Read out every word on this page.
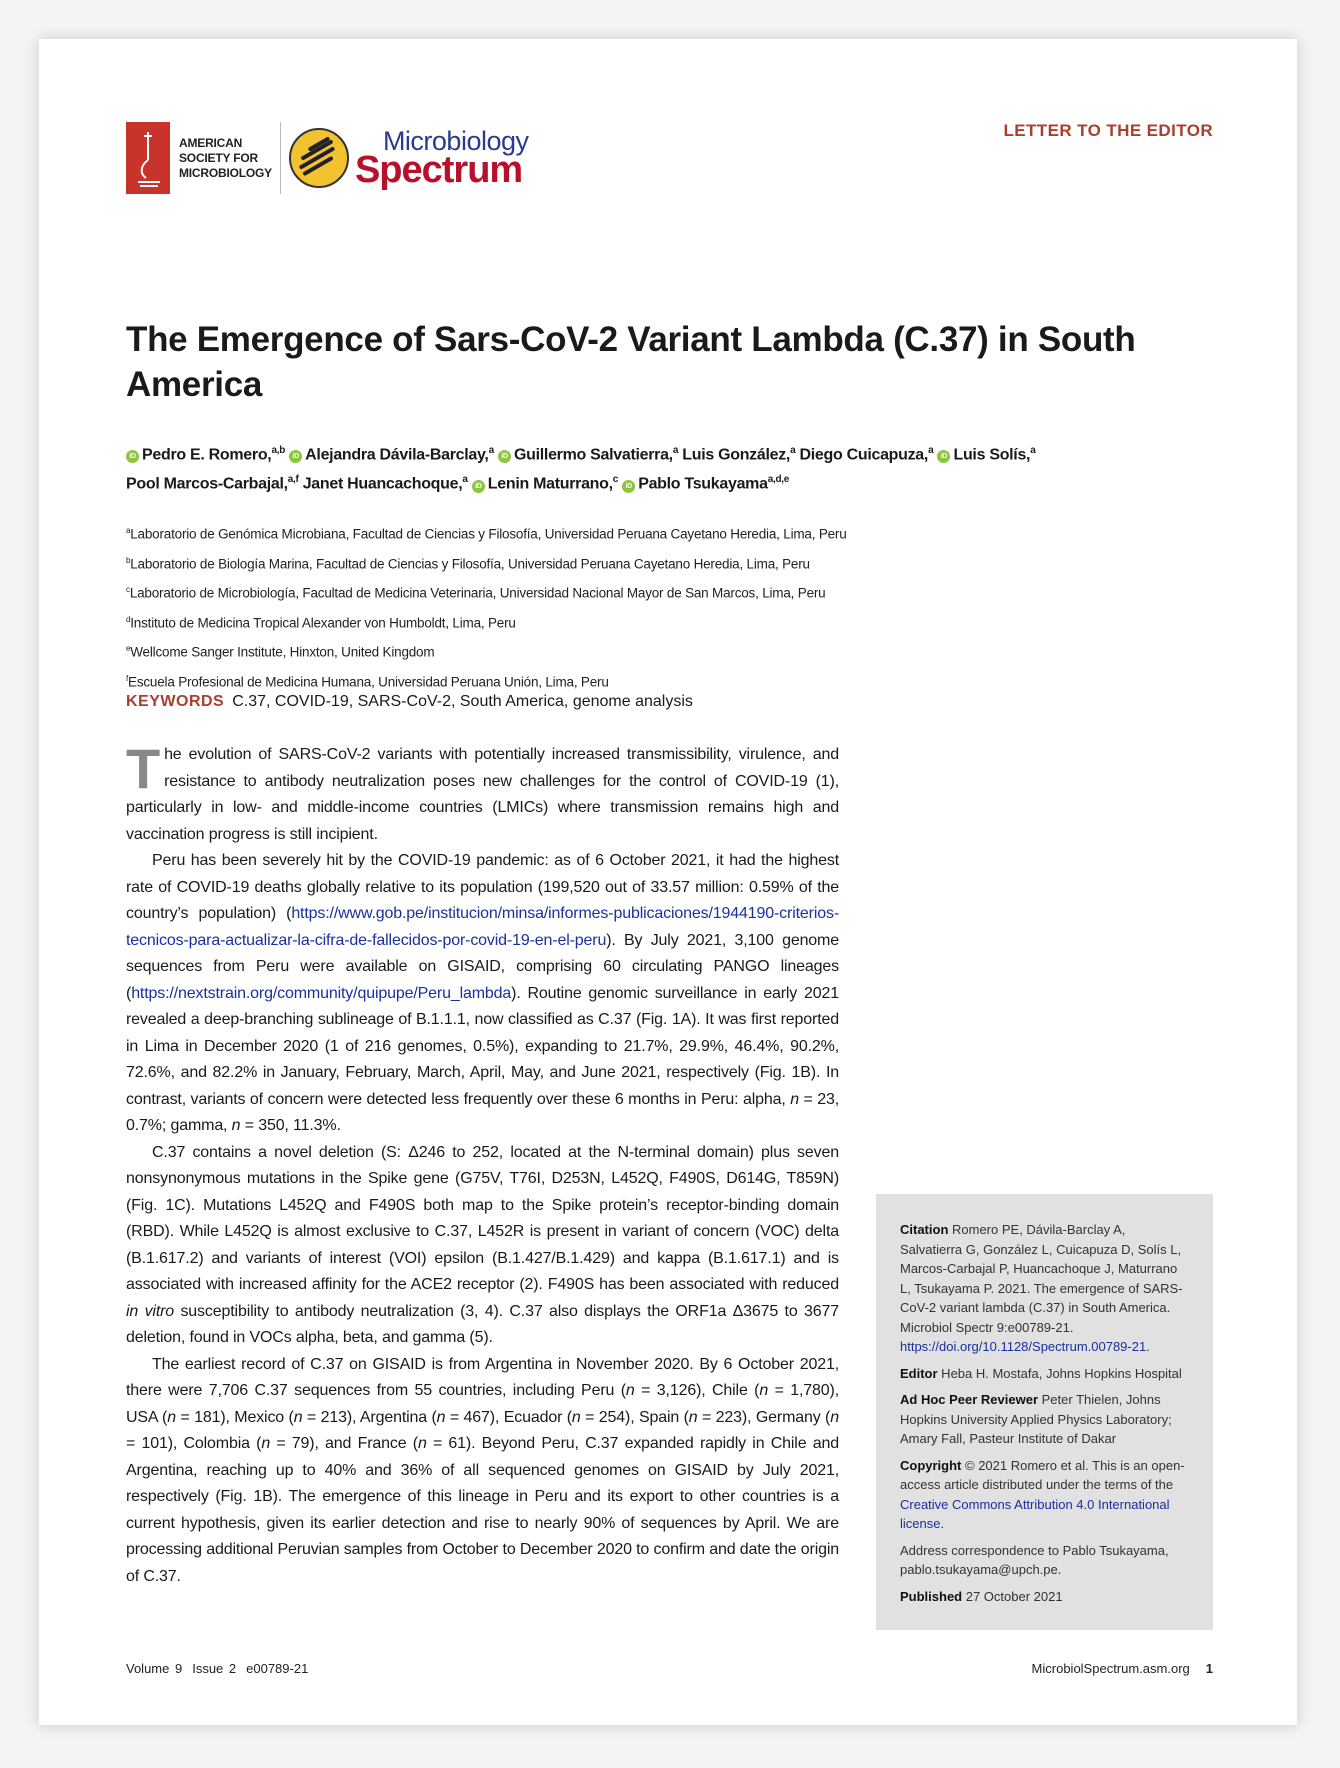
AMERICAN
SOCIETY FOR
MICROBIOLOGY
Microbiology
Spectrum
LETTER TO THE EDITOR
The Emergence of Sars-CoV-2 Variant Lambda (C.37) in South America
iD Pedro E. Romero,$^{a,b}$ iD Alejandra Dávila-Barclay,$^a$ iD Guillermo Salvatierra,$^a$ Luis González,$^a$ Diego Cuicapuza,$^a$ iD Luis Solís,$^a$
Pool Marcos-Carbajal,$^{a,f}$ Janet Huancachoque,$^a$ iD Lenin Maturrano,$^c$ iD Pablo Tsukayama$^{a,d,e}$
$^a$Laboratorio de Genómica Microbiana, Facultad de Ciencias y Filosofía, Universidad Peruana Cayetano Heredia, Lima, Peru
$^b$Laboratorio de Biología Marina, Facultad de Ciencias y Filosofía, Universidad Peruana Cayetano Heredia, Lima, Peru
$^c$Laboratorio de Microbiología, Facultad de Medicina Veterinaria, Universidad Nacional Mayor de San Marcos, Lima, Peru
$^d$Instituto de Medicina Tropical Alexander von Humboldt, Lima, Peru
$^e$Wellcome Sanger Institute, Hinxton, United Kingdom
$^f$Escuela Profesional de Medicina Humana, Universidad Peruana Unión, Lima, Peru
KEYWORDS C.37, COVID-19, SARS-CoV-2, South America, genome analysis

The evolution of SARS-CoV-2 variants with potentially increased transmissibility, virulence, and resistance to antibody neutralization poses new challenges for the control of COVID-19 (1), particularly in low- and middle-income countries (LMICs) where transmission remains high and vaccination progress is still incipient.

Peru has been severely hit by the COVID-19 pandemic: as of 6 October 2021, it had the highest rate of COVID-19 deaths globally relative to its population (199,520 out of 33.57 million: 0.59% of the country’s population) (https://www.gob.pe/institucion/minsa/informes-publicaciones/1944190-criterios-tecnicos-para-actualizar-la-cifra-de-fallecidos-por-covid-19-en-el-peru). By July 2021, 3,100 genome sequences from Peru were available on GISAID, comprising 60 circulating PANGO lineages (https://nextstrain.org/community/quipupe/Peru_lambda). Routine genomic surveillance in early 2021 revealed a deep-branching sublineage of B.1.1.1, now classified as C.37 (Fig. 1A). It was first reported in Lima in December 2020 (1 of 216 genomes, 0.5%), expanding to 21.7%, 29.9%, 46.4%, 90.2%, 72.6%, and 82.2% in January, February, March, April, May, and June 2021, respectively (Fig. 1B). In contrast, variants of concern were detected less frequently over these 6 months in Peru: alpha, n = 23, 0.7%; gamma, n = 350, 11.3%.

C.37 contains a novel deletion (S: Δ246 to 252, located at the N-terminal domain) plus seven nonsynonymous mutations in the Spike gene (G75V, T76I, D253N, L452Q, F490S, D614G, T859N) (Fig. 1C). Mutations L452Q and F490S both map to the Spike protein’s receptor-binding domain (RBD). While L452Q is almost exclusive to C.37, L452R is present in variant of concern (VOC) delta (B.1.617.2) and variants of interest (VOI) epsilon (B.1.427/B.1.429) and kappa (B.1.617.1) and is associated with increased affinity for the ACE2 receptor (2). F490S has been associated with reduced in vitro susceptibility to antibody neutralization (3, 4). C.37 also displays the ORF1a Δ3675 to 3677 deletion, found in VOCs alpha, beta, and gamma (5).

The earliest record of C.37 on GISAID is from Argentina in November 2020. By 6 October 2021, there were 7,706 C.37 sequences from 55 countries, including Peru (n = 3,126), Chile (n = 1,780), USA (n = 181), Mexico (n = 213), Argentina (n = 467), Ecuador (n = 254), Spain (n = 223), Germany (n = 101), Colombia (n = 79), and France (n = 61). Beyond Peru, C.37 expanded rapidly in Chile and Argentina, reaching up to 40% and 36% of all sequenced genomes on GISAID by July 2021, respectively (Fig. 1B). The emergence of this lineage in Peru and its export to other countries is a current hypothesis, given its earlier detection and rise to nearly 90% of sequences by April. We are processing additional Peruvian samples from October to December 2020 to confirm and date the origin of C.37.

Citation Romero PE, Dávila-Barclay A, Salvatierra G, González L, Cuicapuza D, Solís L, Marcos-Carbajal P, Huancachoque J, Maturrano L, Tsukayama P. 2021. The emergence of SARS-CoV-2 variant lambda (C.37) in South America. Microbiol Spectr 9:e00789-21. https://doi.org/10.1128/Spectrum.00789-21.

Editor Heba H. Mostafa, Johns Hopkins Hospital

Ad Hoc Peer Reviewer Peter Thielen, Johns Hopkins University Applied Physics Laboratory; Amary Fall, Pasteur Institute of Dakar

Copyright © 2021 Romero et al. This is an open-access article distributed under the terms of the Creative Commons Attribution 4.0 International license.

Address correspondence to Pablo Tsukayama, pablo.tsukayama@upch.pe.

Published 27 October 2021

Volume 9 Issue 2 e00789-21	MicrobiolSpectrum.asm.org 1
